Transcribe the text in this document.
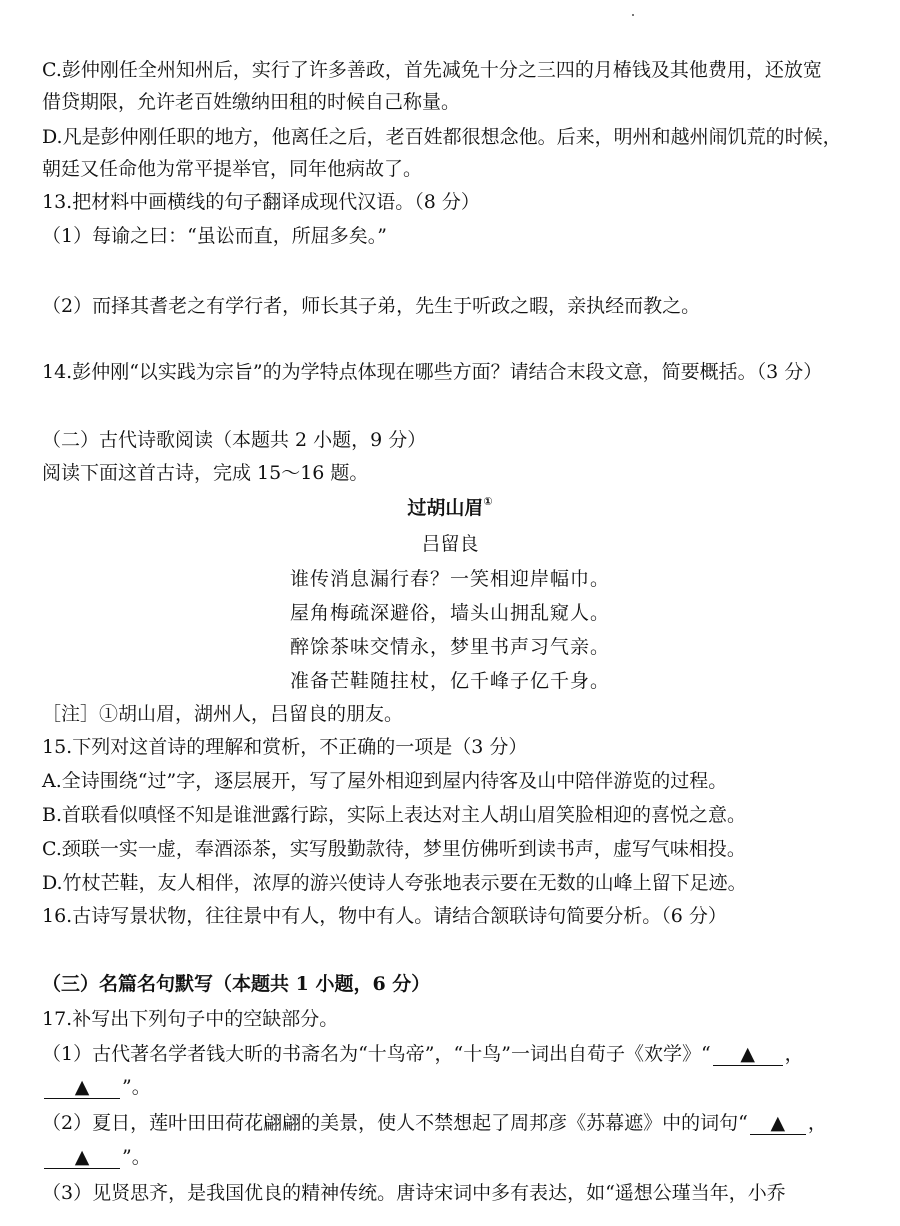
C.彭仲刚任全州知州后，实行了许多善政，首先减免十分之三四的月椿钱及其他费用，还放宽
借贷期限，允许老百姓缴纳田租的时候自己称量。
D.凡是彭仲刚任职的地方，他离任之后，老百姓都很想念他。后来，明州和越州闹饥荒的时候，
朝廷又任命他为常平提举官，同年他病故了。
13.把材料中画横线的句子翻译成现代汉语。（8 分）
（1）每谕之曰：“虽讼而直，所屈多矣。”
（2）而择其耆老之有学行者，师长其子弟，先生于听政之暇，亲执经而教之。
14.彭仲刚“以实践为宗旨”的为学特点体现在哪些方面？请结合末段文意，简要概括。（3 分）
（二）古代诗歌阅读（本题共 2 小题，9 分）
阅读下面这首古诗，完成 15～16 题。
过胡山眉①
吕留良
谁传消息漏行春？一笑相迎岸幅巾。
屋角梅疏深避俗，墙头山拥乱窥人。
醉馀茶味交情永，梦里书声习气亲。
准备芒鞋随拄杖，亿千峰子亿千身。
［注］①胡山眉，湖州人，吕留良的朋友。
15.下列对这首诗的理解和赏析，不正确的一项是（3 分）
A.全诗围绕“过”字，逐层展开，写了屋外相迎到屋内待客及山中陪伴游览的过程。
B.首联看似嗔怪不知是谁泄露行踪，实际上表达对主人胡山眉笑脸相迎的喜悦之意。
C.颈联一实一虚，奉酒添茶，实写殷勤款待，梦里仿佛听到读书声，虚写气味相投。
D.竹杖芒鞋，友人相伴，浓厚的游兴使诗人夸张地表示要在无数的山峰上留下足迹。
16.古诗写景状物，往往景中有人，物中有人。请结合颔联诗句简要分析。（6 分）
（三）名篇名句默写（本题共 1 小题，6 分）
17.补写出下列句子中的空缺部分。
（1）古代著名学者钱大昕的书斋名为“十鸟帝”，“十鸟”一词出自荀子《欢学》“ ▲ ，
▲ ”。
（2）夏日，莲叶田田荷花翩翩的美景，使人不禁想起了周邦彦《苏幕遮》中的词句“ ▲ ，
▲ ”。
（3）见贤思齐，是我国优良的精神传统。唐诗宋词中多有表达，如“遥想公瑾当年，小乔
